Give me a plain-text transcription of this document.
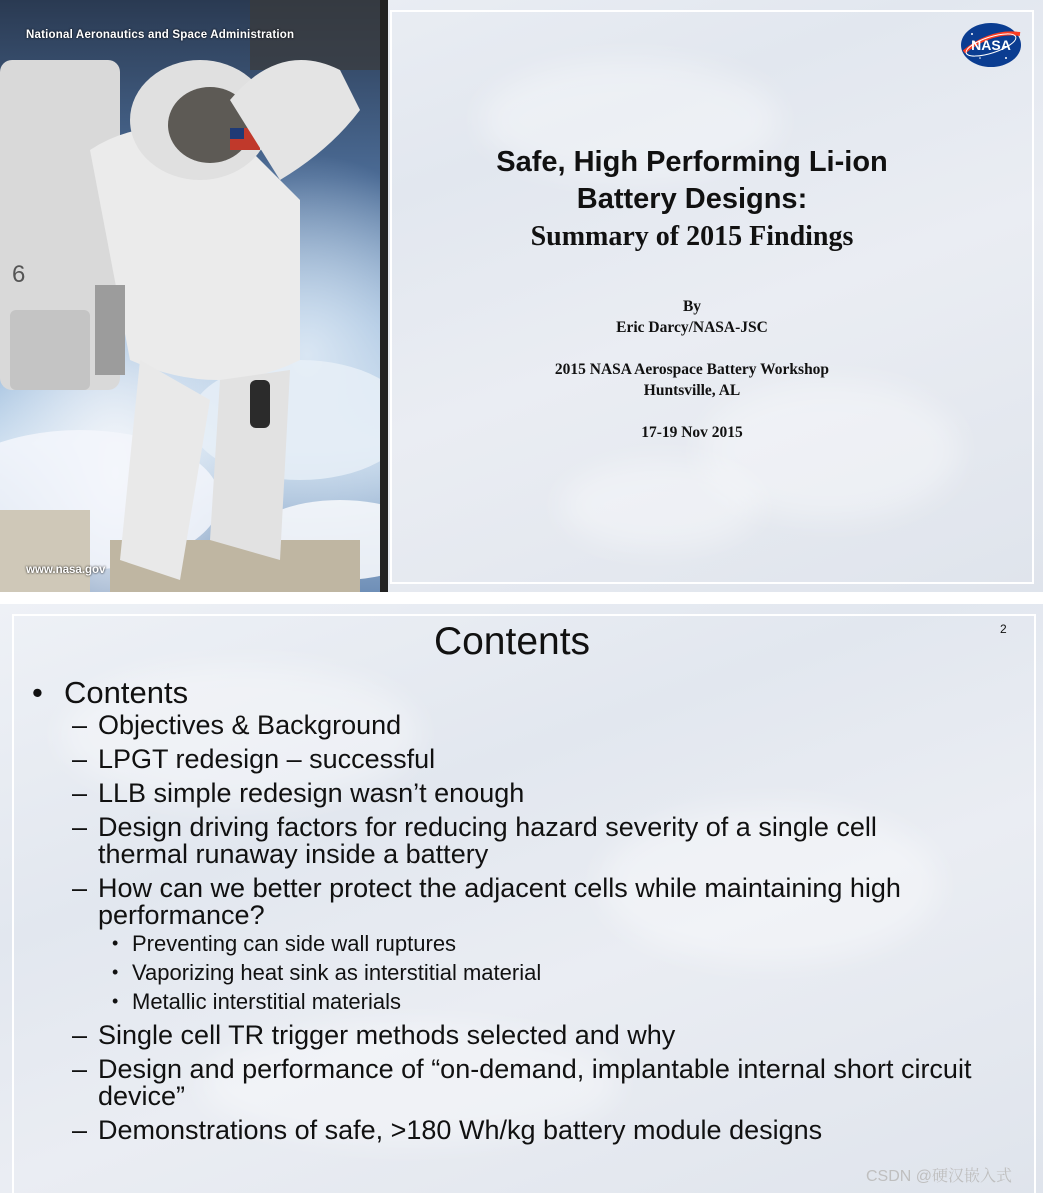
6
National Aeronautics and Space Administration
www.nasa.gov
NASA
Safe, High Performing Li-ion
Battery Designs:
Summary of 2015 Findings
By
Eric Darcy/NASA-JSC
2015 NASA Aerospace Battery Workshop
Huntsville, AL
17-19 Nov 2015
Contents	2
• Contents
– Objectives & Background
– LPGT redesign – successful
– LLB simple redesign wasn’t enough
– Design driving factors for reducing hazard severity of a single cell thermal runaway inside a battery
– How can we better protect the adjacent cells while maintaining high performance?
• Preventing can side wall ruptures
• Vaporizing heat sink as interstitial material
• Metallic interstitial materials
– Single cell TR trigger methods selected and why
– Design and performance of “on-demand, implantable internal short circuit device”
– Demonstrations of safe, >180 Wh/kg battery module designs
CSDN @硬汉嵌入式
